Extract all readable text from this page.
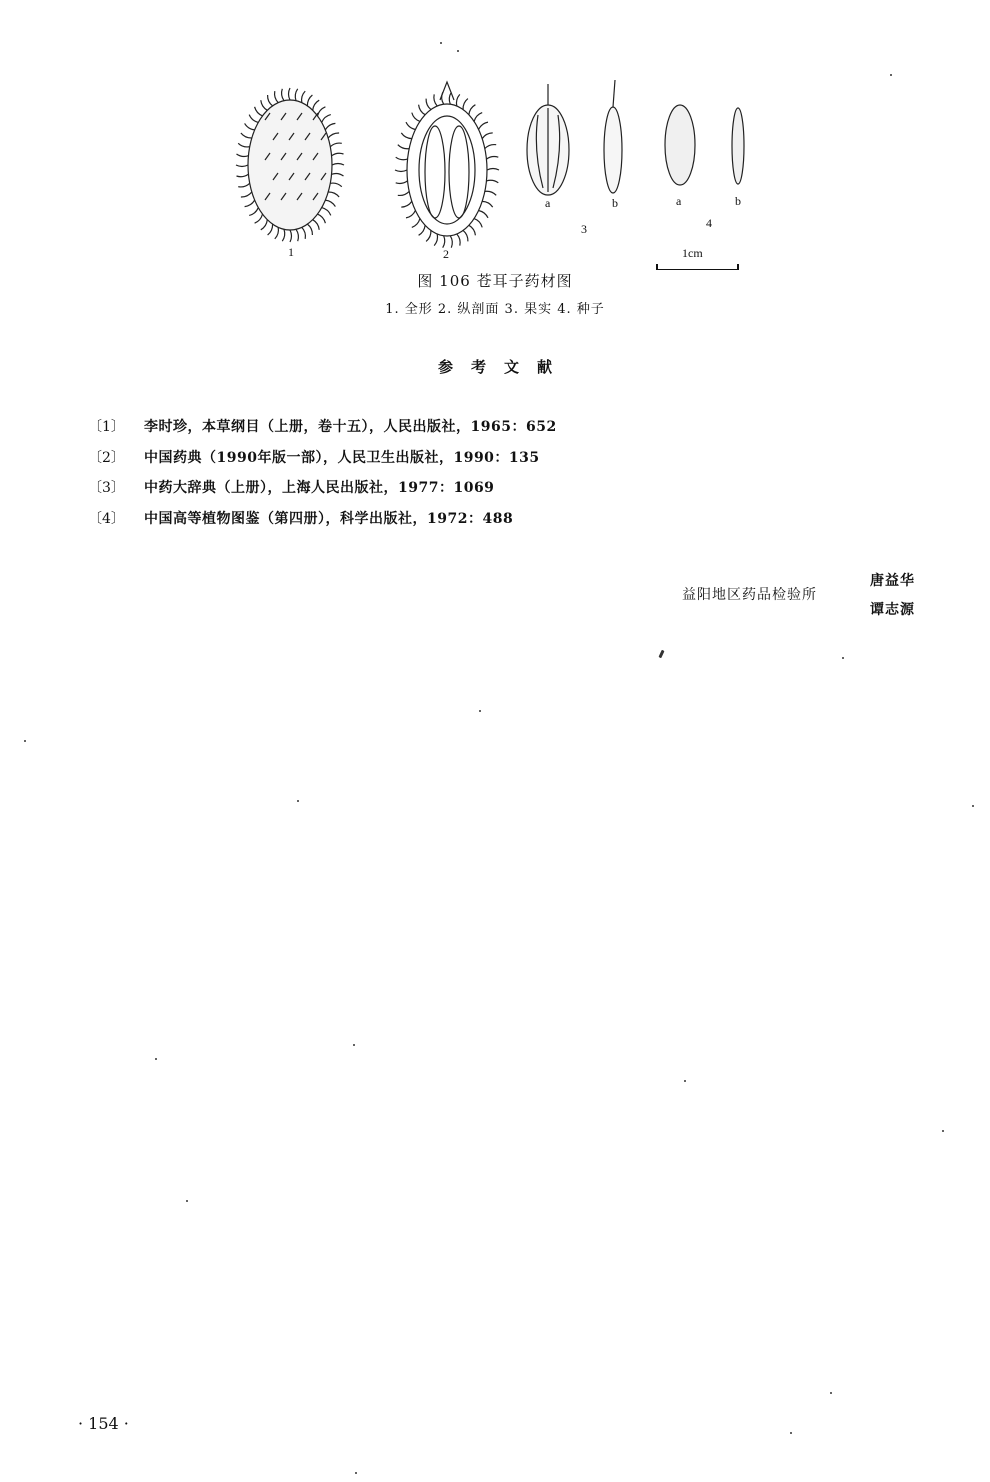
1	2
a	b
3
a	b
4
1cm
图 106 苍耳子药材图
1. 全形 2. 纵剖面 3. 果实 4. 种子
参考文献
〔1〕 李时珍，本草纲目（上册，卷十五），人民出版社，1965：652
〔2〕 中国药典（1990年版一部），人民卫生出版社，1990：135
〔3〕 中药大辞典（上册），上海人民出版社，1977：1069
〔4〕 中国高等植物图鉴（第四册），科学出版社，1972：488
益阳地区药品检验所
唐益华
谭志源
· 154 ·
